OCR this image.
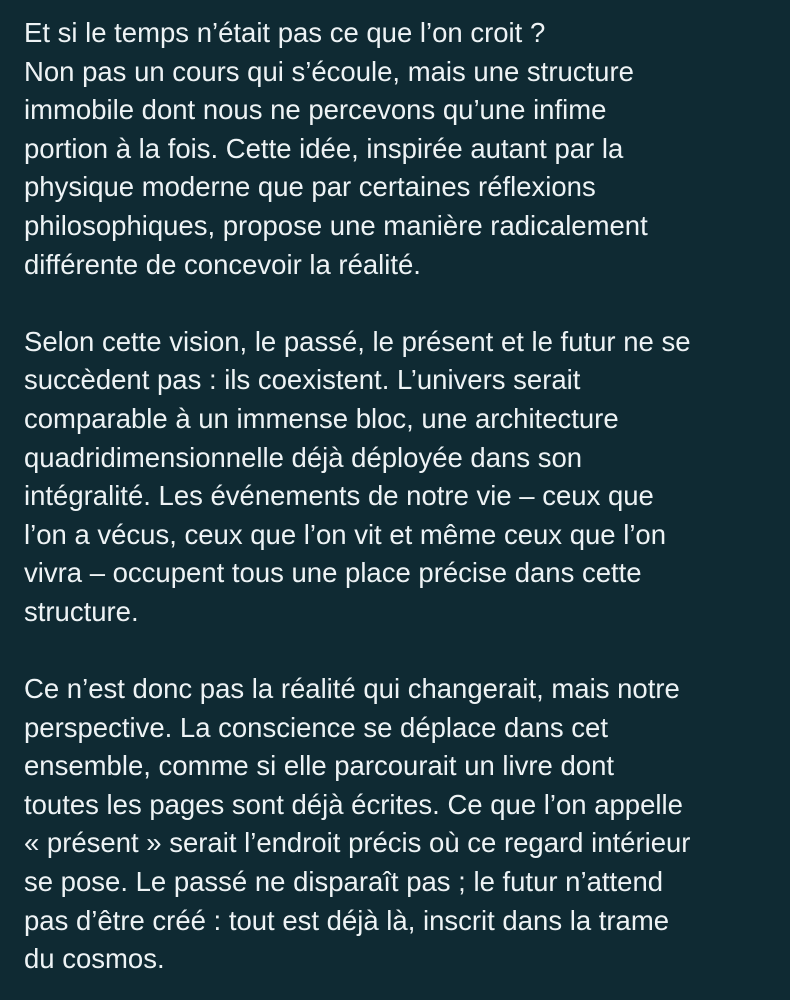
Et si le temps n’était pas ce que l’on croit ?
Non pas un cours qui s’écoule, mais une structure
immobile dont nous ne percevons qu’une infime
portion à la fois. Cette idée, inspirée autant par la
physique moderne que par certaines réflexions
philosophiques, propose une manière radicalement
différente de concevoir la réalité.

Selon cette vision, le passé, le présent et le futur ne se
succèdent pas : ils coexistent. L’univers serait
comparable à un immense bloc, une architecture
quadridimensionnelle déjà déployée dans son
intégralité. Les événements de notre vie – ceux que
l’on a vécus, ceux que l’on vit et même ceux que l’on
vivra – occupent tous une place précise dans cette
structure.

Ce n’est donc pas la réalité qui changerait, mais notre
perspective. La conscience se déplace dans cet
ensemble, comme si elle parcourait un livre dont
toutes les pages sont déjà écrites. Ce que l’on appelle
« présent » serait l’endroit précis où ce regard intérieur
se pose. Le passé ne disparaît pas ; le futur n’attend
pas d’être créé : tout est déjà là, inscrit dans la trame
du cosmos.
